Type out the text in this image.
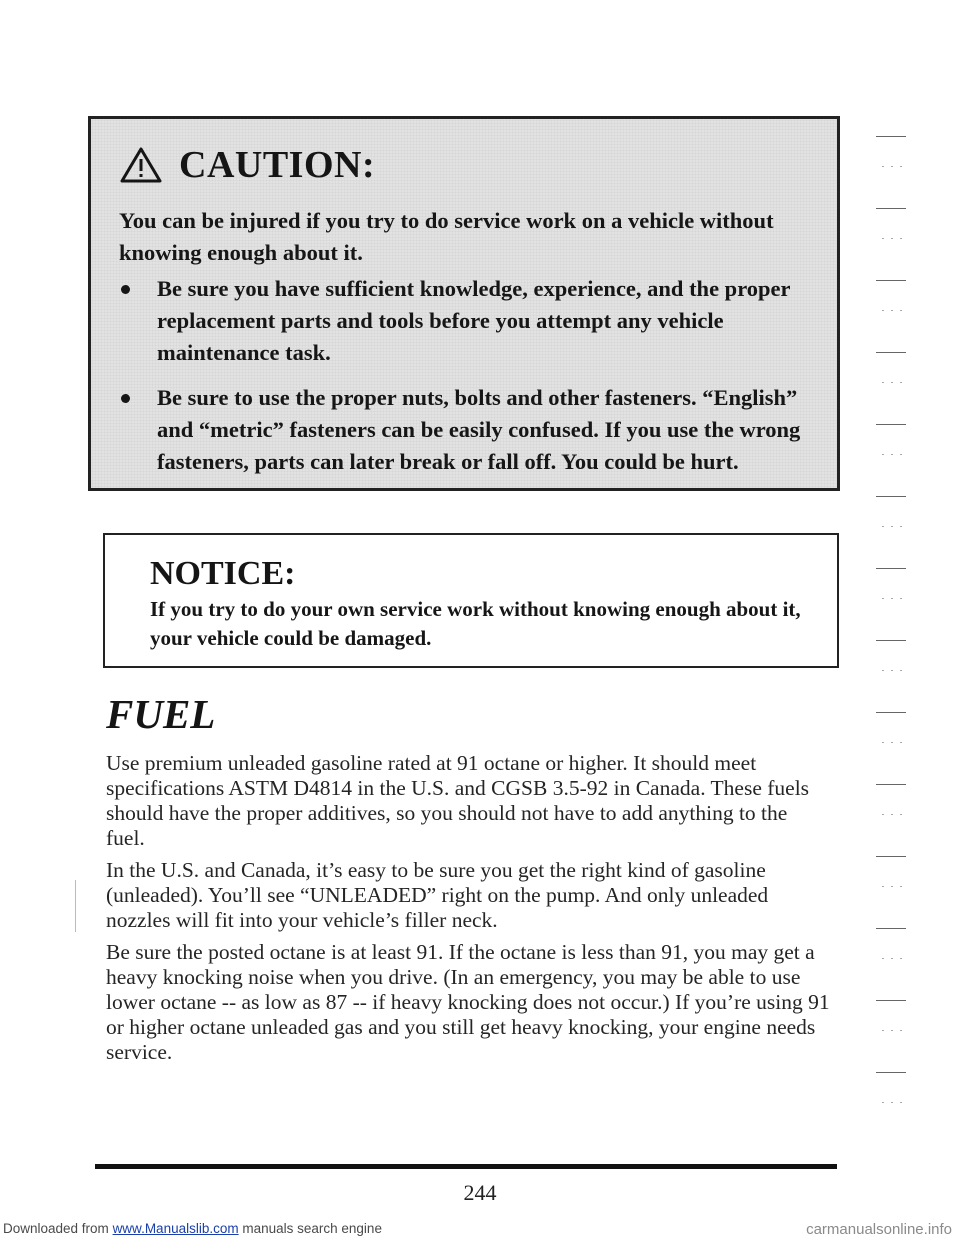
CAUTION:

You can be injured if you try to do service work on a vehicle without knowing enough about it.

Be sure you have sufficient knowledge, experience, and the proper replacement parts and tools before you attempt any vehicle maintenance task.
Be sure to use the proper nuts, bolts and other fasteners. “English” and “metric” fasteners can be easily confused. If you use the wrong fasteners, parts can later break or fall off. You could be hurt.
NOTICE:

If you try to do your own service work without knowing enough about it, your vehicle could be damaged.

FUEL

Use premium unleaded gasoline rated at 91 octane or higher. It should meet specifications ASTM D4814 in the U.S. and CGSB 3.5-92 in Canada. These fuels should have the proper additives, so you should not have to add anything to the fuel.

In the U.S. and Canada, it’s easy to be sure you get the right kind of gasoline (unleaded). You’ll see “UNLEADED” right on the pump. And only unleaded nozzles will fit into your vehicle’s filler neck.

Be sure the posted octane is at least 91. If the octane is less than 91, you may get a heavy knocking noise when you drive. (In an emergency, you may be able to use lower octane -- as low as 87 -- if heavy knocking does not occur.) If you’re using 91 or higher octane unleaded gas and you still get heavy knocking, your engine needs service.

244
Downloaded from www.Manualslib.com manuals search engine	carmanualsonline.info
